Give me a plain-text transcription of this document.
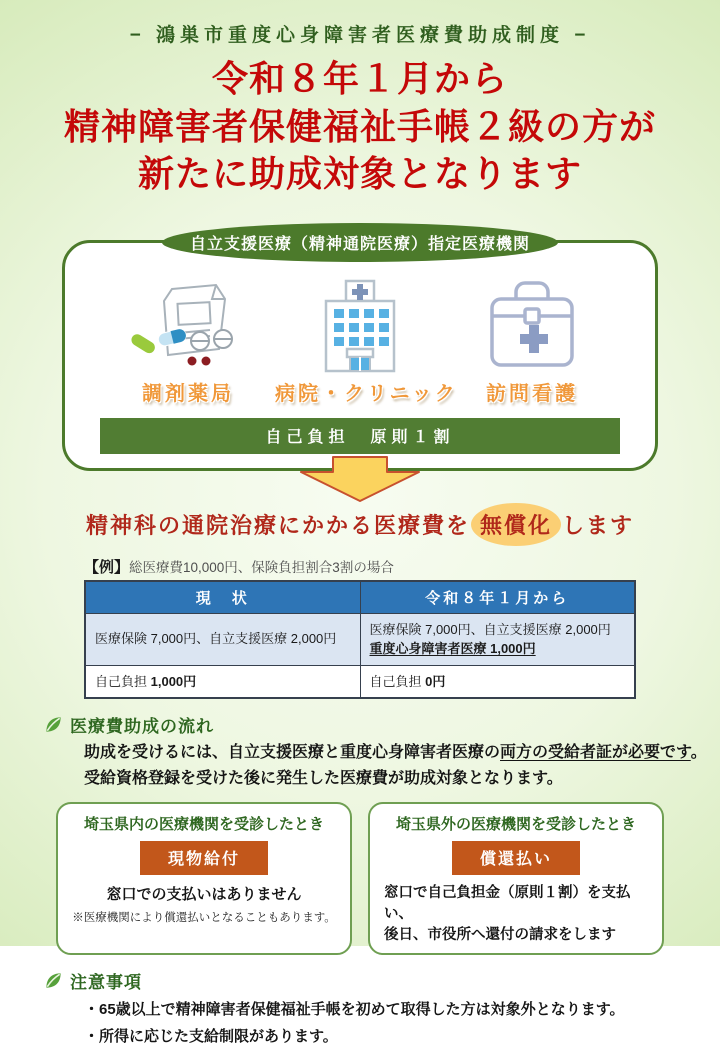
− 鴻巣市重度心身障害者医療費助成制度 −
令和８年１月から
精神障害者保健福祉手帳２級の方が
新たに助成対象となります
自立支援医療（精神通院医療）指定医療機関
調剤薬局	病院・クリニック	訪問看護
自己負担　原則１割
精神科の通院治療にかかる医療費を 無償化 します
【例】総医療費10,000円、保険負担割合3割の場合
現　状	令和８年１月から
医療保険 7,000円、自立支援医療 2,000円	医療保険 7,000円、自立支援医療 2,000円
重度心身障害者医療 1,000円
自己負担 1,000円	自己負担 0円
医療費助成の流れ
助成を受けるには、自立支援医療と重度心身障害者医療の両方の受給者証が必要です。
受給資格登録を受けた後に発生した医療費が助成対象となります。
埼玉県内の医療機関を受診したとき
現物給付
窓口での支払いはありません
※医療機関により償還払いとなることもあります。
埼玉県外の医療機関を受診したとき
償還払い
窓口で自己負担金（原則１割）を支払い、
後日、市役所へ還付の請求をします
注意事項
・65歳以上で精神障害者保健福祉手帳を初めて取得した方は対象外となります。
・所得に応じた支給制限があります。
